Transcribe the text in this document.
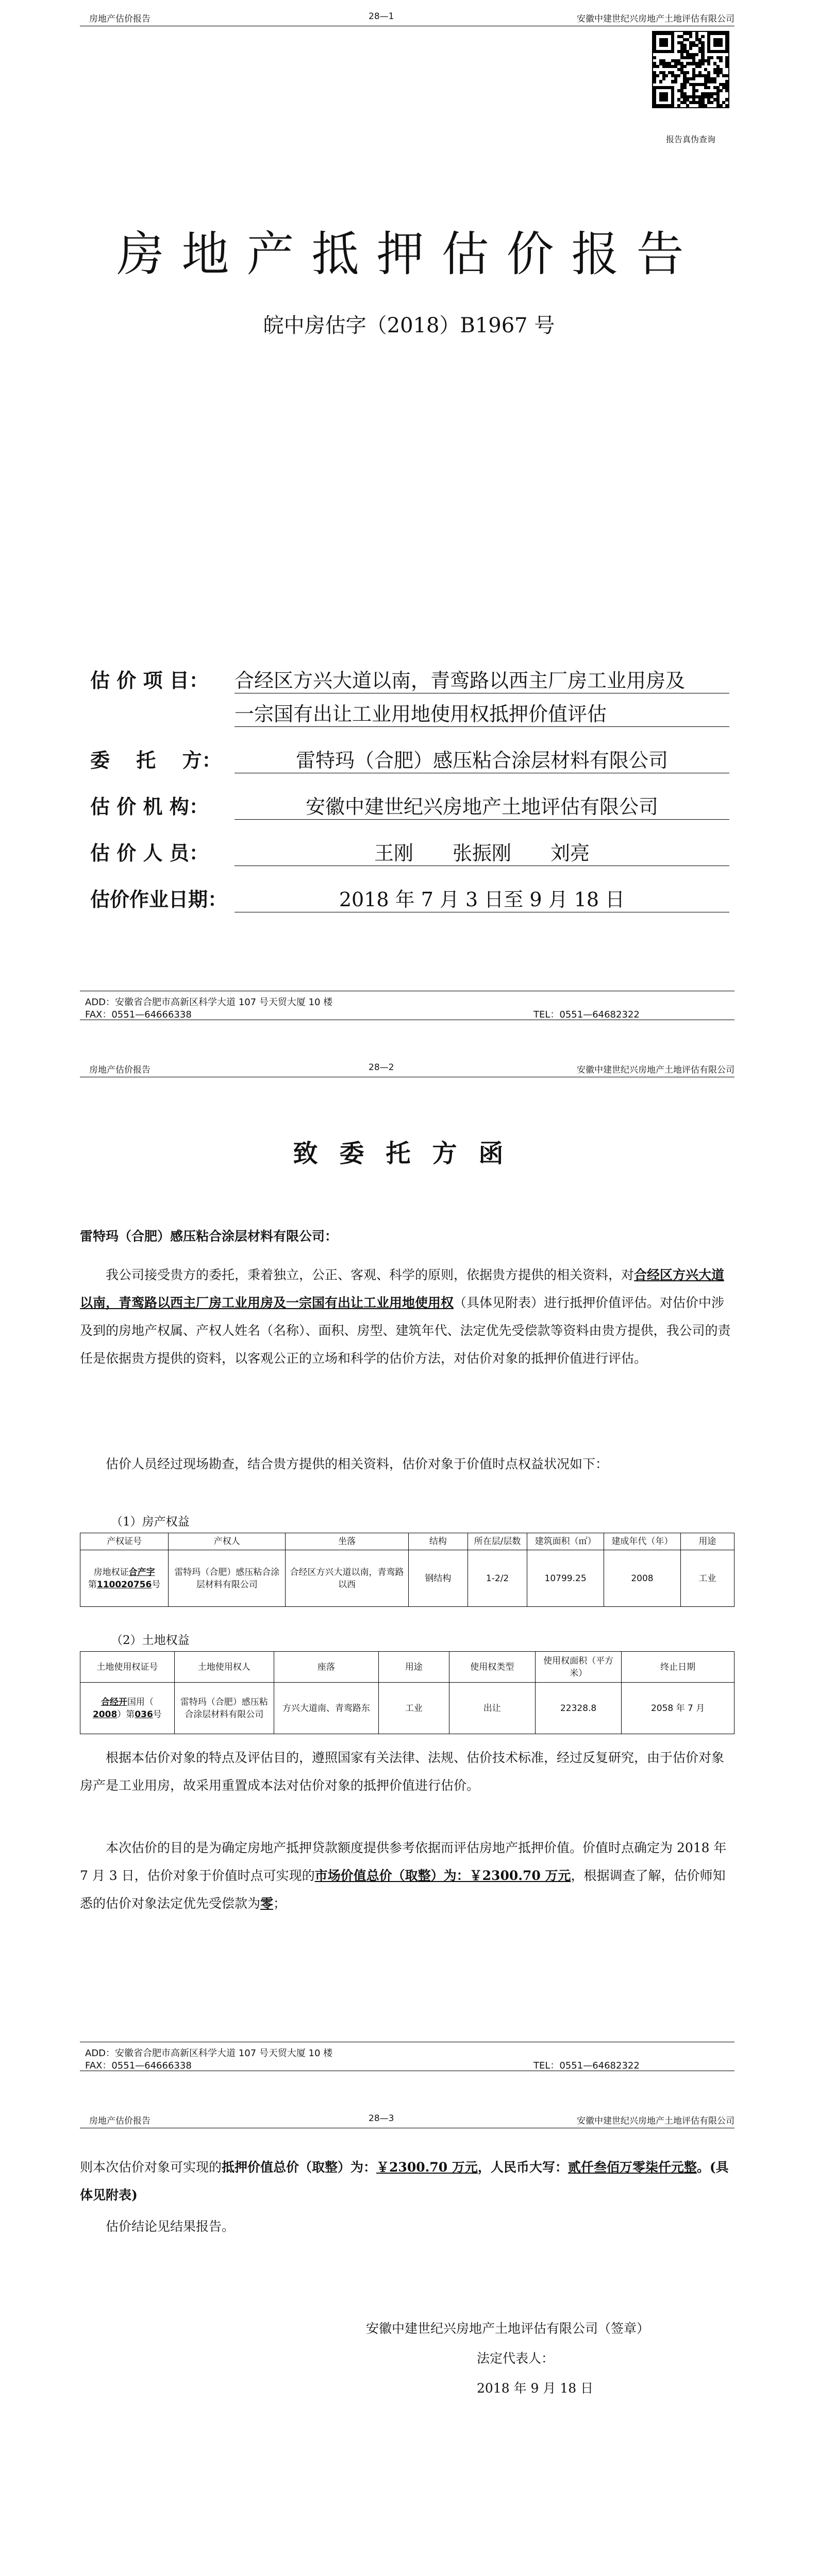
房地产估价报告	28—1	安徽中建世纪兴房地产土地评估有限公司
报告真伪查询
房地产抵押估价报告
皖中房估字（2018）B1967 号
估 价 项 目： 合经区方兴大道以南，青鸾路以西主厂房工业用房及
一宗国有出让工业用地使用权抵押价值评估
委　 托　 方：	雷特玛（合肥）感压粘合涂层材料有限公司
估 价 机 构：	安徽中建世纪兴房地产土地评估有限公司
估 价 人 员：	王刚　　张振刚　　刘亮
估价作业日期：	2018 年 7 月 3 日至 9 月 18 日
ADD：安徽省合肥市高新区科学大道 107 号天贸大厦 10 楼
FAX：0551—64666338	TEL：0551—64682322
房地产估价报告	28—2	安徽中建世纪兴房地产土地评估有限公司
致委托方函
雷特玛（合肥）感压粘合涂层材料有限公司：

我公司接受贵方的委托，秉着独立，公正、客观、科学的原则，依据贵方提供的相关资料，对合经区方兴大道以南，青鸾路以西主厂房工业用房及一宗国有出让工业用地使用权（具体见附表）进行抵押价值评估。对估价中涉及到的房地产权属、产权人姓名（名称）、面积、房型、建筑年代、法定优先受偿款等资料由贵方提供，我公司的责任是依据贵方提供的资料，以客观公正的立场和科学的估价方法，对估价对象的抵押价值进行评估。

估价人员经过现场勘查，结合贵方提供的相关资料，估价对象于价值时点权益状况如下：

（1）房产权益
产权证号	产权人	坐落	结构	所在层/层数	建筑面积（㎡）	建成年代（年）	用途
房地权证合产字
第110020756号	雷特玛（合肥）感压粘合涂层材料有限公司	合经区方兴大道以南，青鸾路以西	钢结构	1-2/2	10799.25	2008	工业
（2）土地权益
土地使用权证号	土地使用权人	座落	用途	使用权类型	使用权面积（平方米）	终止日期
合经开国用（
2008）第036号	雷特玛（合肥）感压粘合涂层材料有限公司	方兴大道南、青鸾路东	工业	出让	22328.8	2058 年 7 月

根据本估价对象的特点及评估目的，遵照国家有关法律、法规、估价技术标准，经过反复研究，由于估价对象房产是工业用房，故采用重置成本法对估价对象的抵押价值进行估价。

本次估价的目的是为确定房地产抵押贷款额度提供参考依据而评估房地产抵押价值。价值时点确定为 2018 年 7 月 3 日，估价对象于价值时点可实现的市场价值总价（取整）为：￥2300.70 万元，根据调查了解，估价师知悉的估价对象法定优先受偿款为零；

ADD：安徽省合肥市高新区科学大道 107 号天贸大厦 10 楼
FAX：0551—64666338	TEL：0551—64682322
房地产估价报告	28—3	安徽中建世纪兴房地产土地评估有限公司

则本次估价对象可实现的抵押价值总价（取整）为：￥2300.70 万元，人民币大写：贰仟叁佰万零柒仟元整。(具体见附表)

估价结论见结果报告。

安徽中建世纪兴房地产土地评估有限公司（签章）
法定代表人：
2018 年 9 月 18 日
